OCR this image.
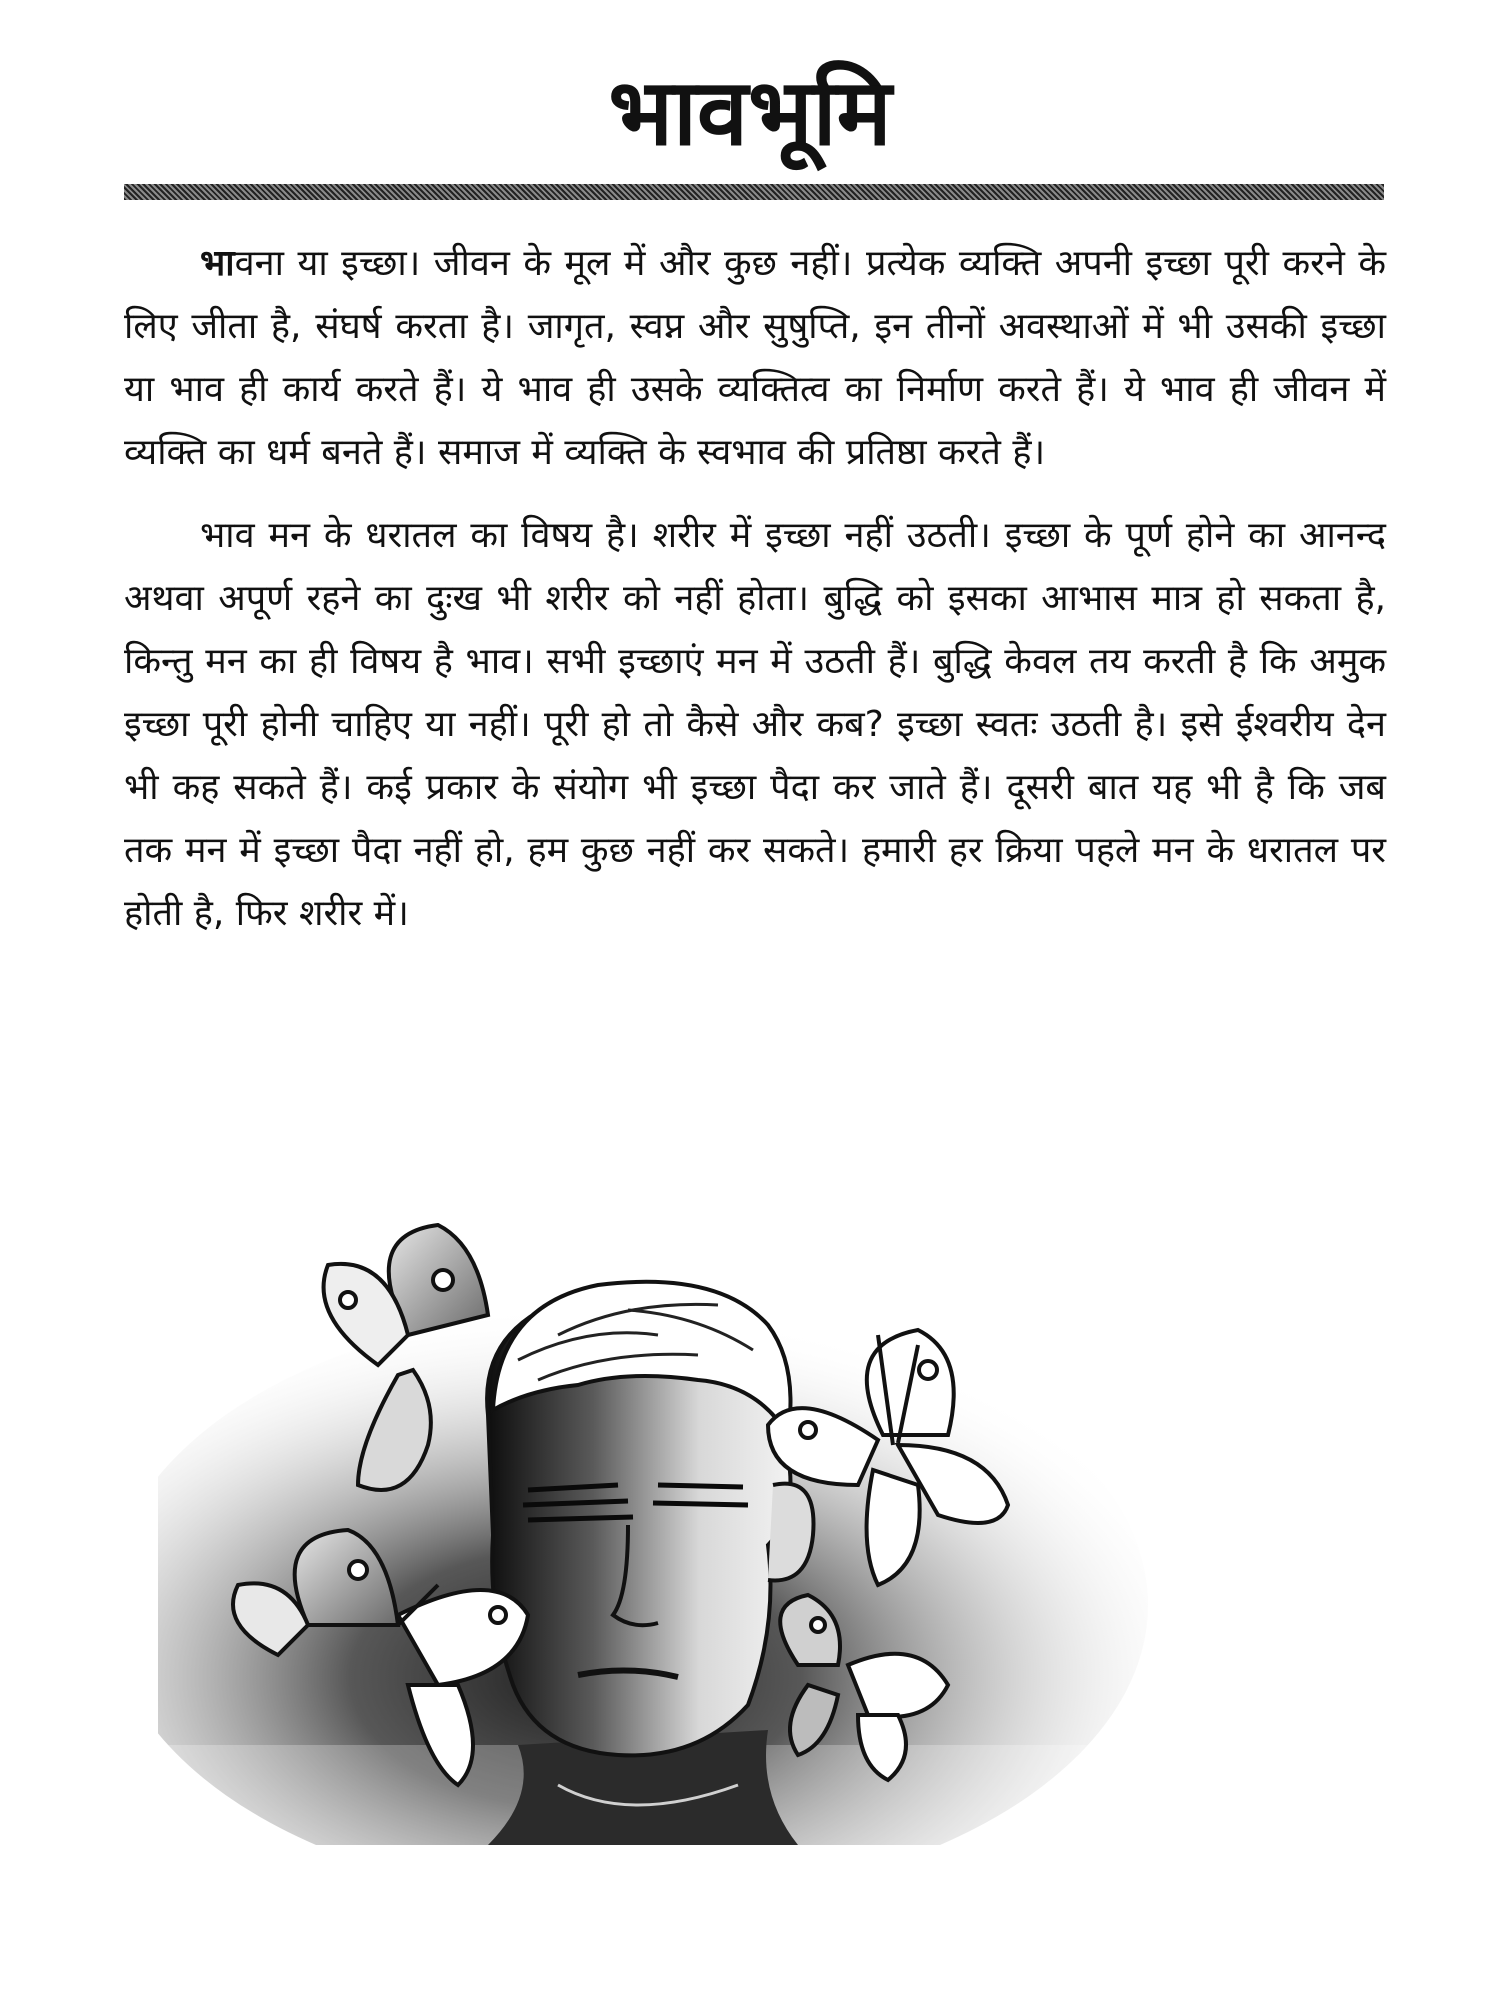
भावभूमि

भावना या इच्छा। जीवन के मूल में और कुछ नहीं। प्रत्येक व्यक्ति अपनी इच्छा पूरी करने के लिए जीता है, संघर्ष करता है। जागृत, स्वप्न और सुषुप्ति, इन तीनों अवस्थाओं में भी उसकी इच्छा या भाव ही कार्य करते हैं। ये भाव ही उसके व्यक्तित्व का निर्माण करते हैं। ये भाव ही जीवन में व्यक्ति का धर्म बनते हैं। समाज में व्यक्ति के स्वभाव की प्रतिष्ठा करते हैं।

भाव मन के धरातल का विषय है। शरीर में इच्छा नहीं उठती। इच्छा के पूर्ण होने का आनन्द अथवा अपूर्ण रहने का दुःख भी शरीर को नहीं होता। बुद्धि को इसका आभास मात्र हो सकता है, किन्तु मन का ही विषय है भाव। सभी इच्छाएं मन में उठती हैं। बुद्धि केवल तय करती है कि अमुक इच्छा पूरी होनी चाहिए या नहीं। पूरी हो तो कैसे और कब? इच्छा स्वतः उठती है। इसे ईश्वरीय देन भी कह सकते हैं। कई प्रकार के संयोग भी इच्छा पैदा कर जाते हैं। दूसरी बात यह भी है कि जब तक मन में इच्छा पैदा नहीं हो, हम कुछ नहीं कर सकते। हमारी हर क्रिया पहले मन के धरातल पर होती है, फिर शरीर में।
